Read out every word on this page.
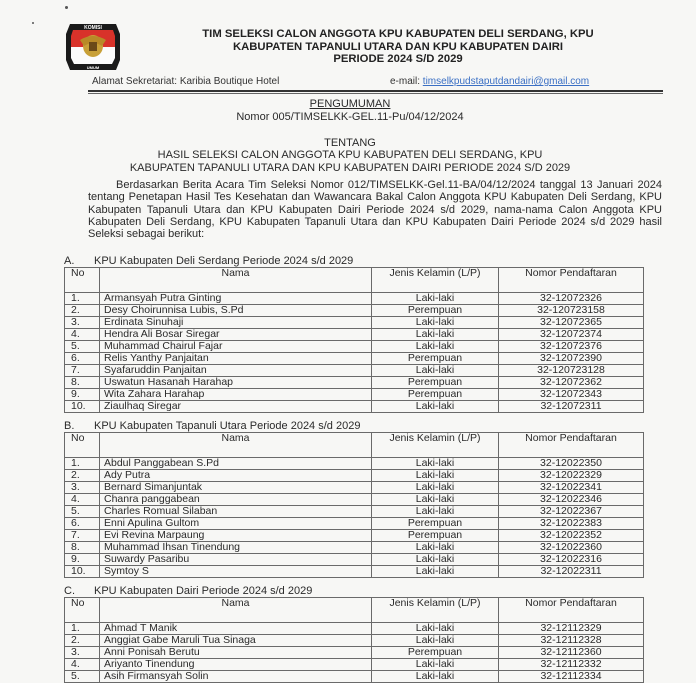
KOMISI
UMUM
TIM SELEKSI CALON ANGGOTA KPU KABUPATEN DELI SERDANG, KPU
KABUPATEN TAPANULI UTARA DAN KPU KABUPATEN DAIRI
PERIODE 2024 S/D 2029
Alamat Sekretariat: Karibia Boutique Hotel	e-mail: timselkpudstaputdandairi@gmail.com
PENGUMUMAN
Nomor 005/TIMSELKK-GEL.11-Pu/04/12/2024
TENTANG
HASIL SELEKSI CALON ANGGOTA KPU KABUPATEN DELI SERDANG, KPU
KABUPATEN TAPANULI UTARA DAN KPU KABUPATEN DAIRI PERIODE 2024 S/D 2029
Berdasarkan Berita Acara Tim Seleksi Nomor 012/TIMSELKK-Gel.11-BA/04/12/2024 tanggal 13 Januari 2024 tentang Penetapan Hasil Tes Kesehatan dan Wawancara Bakal Calon Anggota KPU Kabupaten Deli Serdang, KPU Kabupaten Tapanuli Utara dan KPU Kabupaten Dairi Periode 2024 s/d 2029, nama-nama Calon Anggota KPU Kabupaten Deli Serdang, KPU Kabupaten Tapanuli Utara dan KPU Kabupaten Dairi Periode 2024 s/d 2029 hasil Seleksi sebagai berikut:
A. KPU Kabupaten Deli Serdang Periode 2024 s/d 2029
No	Nama	Jenis Kelamin (L/P)	Nomor Pendaftaran
1.	Armansyah Putra Ginting	Laki-laki	32-12072326
2.	Desy Choirunnisa Lubis, S.Pd	Perempuan	32-120723158
3.	Erdinata Sinuhaji	Laki-laki	32-12072365
4.	Hendra Ali Bosar Siregar	Laki-laki	32-12072374
5.	Muhammad Chairul Fajar	Laki-laki	32-12072376
6.	Relis Yanthy Panjaitan	Perempuan	32-12072390
7.	Syafaruddin Panjaitan	Laki-laki	32-120723128
8.	Uswatun Hasanah Harahap	Perempuan	32-12072362
9.	Wita Zahara Harahap	Perempuan	32-12072343
10.	Ziaulhaq Siregar	Laki-laki	32-12072311
B. KPU Kabupaten Tapanuli Utara Periode 2024 s/d 2029
No	Nama	Jenis Kelamin (L/P)	Nomor Pendaftaran
1.	Abdul Panggabean S.Pd	Laki-laki	32-12022350
2.	Ady Putra	Laki-laki	32-12022329
3.	Bernard Simanjuntak	Laki-laki	32-12022341
4.	Chanra panggabean	Laki-laki	32-12022346
5.	Charles Romual Silaban	Laki-laki	32-12022367
6.	Enni Apulina Gultom	Perempuan	32-12022383
7.	Evi Revina Marpaung	Perempuan	32-12022352
8.	Muhammad Ihsan Tinendung	Laki-laki	32-12022360
9.	Suwardy Pasaribu	Laki-laki	32-12022316
10.	Symtoy S	Laki-laki	32-12022311
C. KPU Kabupaten Dairi Periode 2024 s/d 2029
No	Nama	Jenis Kelamin (L/P)	Nomor Pendaftaran
1.	Ahmad T Manik	Laki-laki	32-12112329
2.	Anggiat Gabe Maruli Tua Sinaga	Laki-laki	32-12112328
3.	Anni Ponisah Berutu	Perempuan	32-12112360
4.	Ariyanto Tinendung	Laki-laki	32-12112332
5.	Asih Firmansyah Solin	Laki-laki	32-12112334
